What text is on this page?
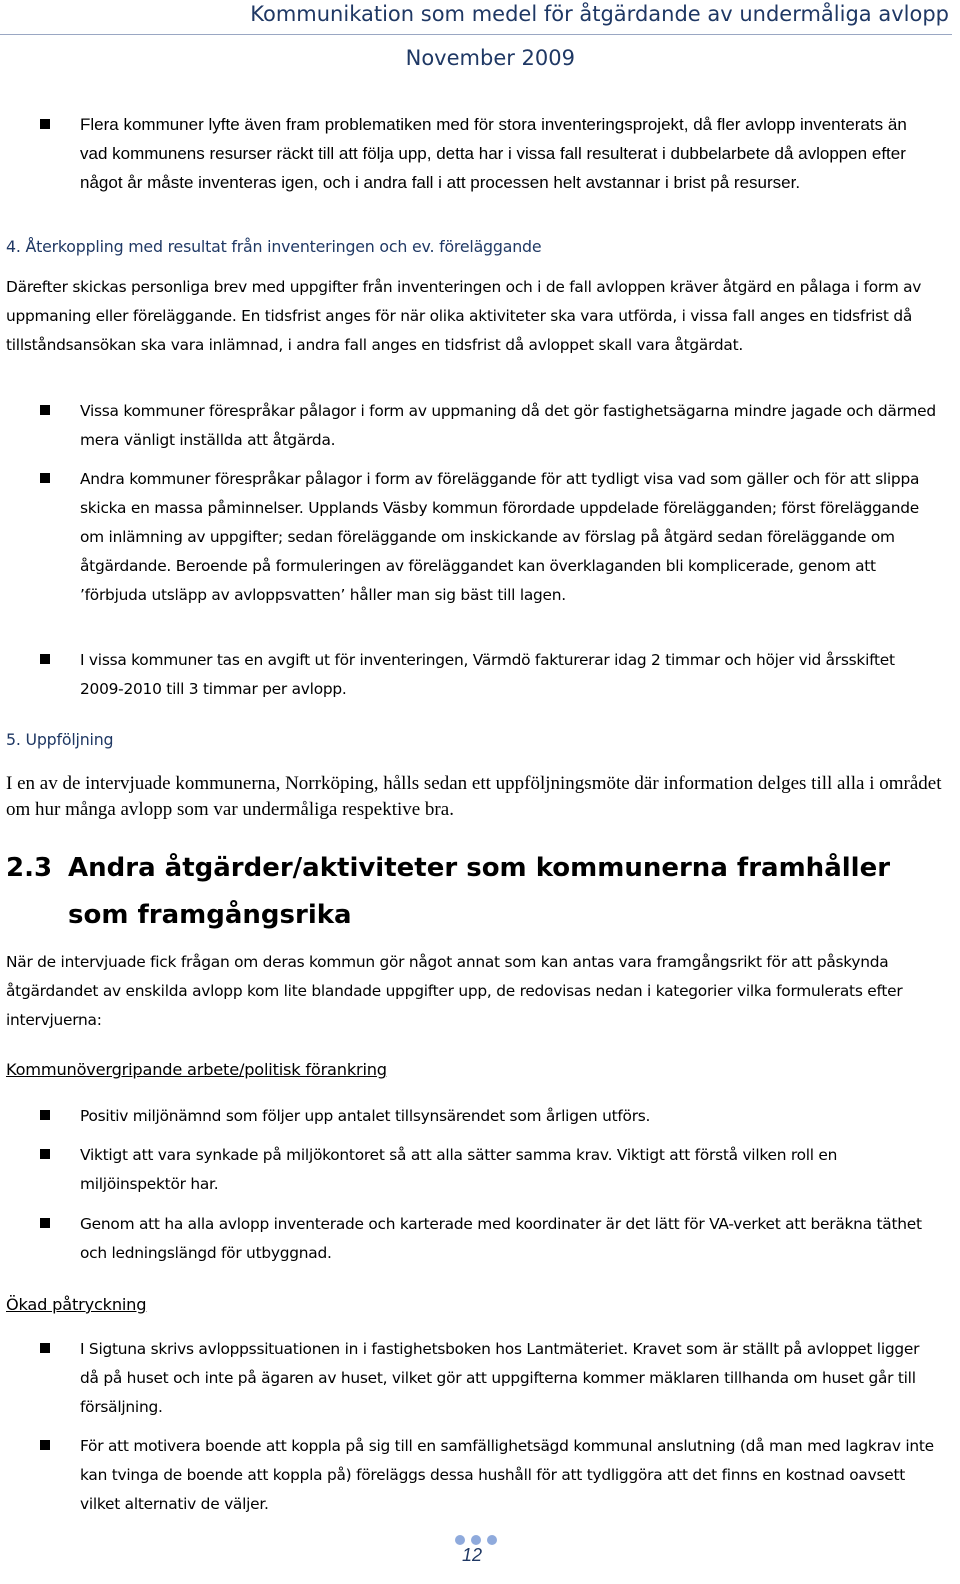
Kommunikation som medel för åtgärdande av undermåliga avlopp
November 2009

Flera kommuner lyfte även fram problematiken med för stora inventeringsprojekt, då fler avlopp inventerats än vad kommunens resurser räckt till att följa upp, detta har i vissa fall resulterat i dubbelarbete då avloppen efter något år måste inventeras igen, och i andra fall i att processen helt avstannar i brist på resurser.

4. Återkoppling med resultat från inventeringen och ev. föreläggande

Därefter skickas personliga brev med uppgifter från inventeringen och i de fall avloppen kräver åtgärd en pålaga i form av uppmaning eller föreläggande. En tidsfrist anges för när olika aktiviteter ska vara utförda, i vissa fall anges en tidsfrist då tillståndsansökan ska vara inlämnad, i andra fall anges en tidsfrist då avloppet skall vara åtgärdat.

Vissa kommuner förespråkar pålagor i form av uppmaning då det gör fastighetsägarna mindre jagade och därmed mera vänligt inställda att åtgärda.

Andra kommuner förespråkar pålagor i form av föreläggande för att tydligt visa vad som gäller och för att slippa skicka en massa påminnelser. Upplands Väsby kommun förordade uppdelade förelägganden; först föreläggande om inlämning av uppgifter; sedan föreläggande om inskickande av förslag på åtgärd sedan föreläggande om åtgärdande. Beroende på formuleringen av föreläggandet kan överklaganden bli komplicerade, genom att ’förbjuda utsläpp av avloppsvatten’ håller man sig bäst till lagen.

I vissa kommuner tas en avgift ut för inventeringen, Värmdö fakturerar idag 2 timmar och höjer vid årsskiftet 2009-2010 till 3 timmar per avlopp.

5. Uppföljning

I en av de intervjuade kommunerna, Norrköping, hålls sedan ett uppföljningsmöte där information delges till alla i området om hur många avlopp som var undermåliga respektive bra.

2.3 Andra åtgärder/aktiviteter som kommunerna framhåller som framgångsrika

När de intervjuade fick frågan om deras kommun gör något annat som kan antas vara framgångsrikt för att påskynda åtgärdandet av enskilda avlopp kom lite blandade uppgifter upp, de redovisas nedan i kategorier vilka formulerats efter intervjuerna:

Kommunövergripande arbete/politisk förankring

Positiv miljönämnd som följer upp antalet tillsynsärendet som årligen utförs.

Viktigt att vara synkade på miljökontoret så att alla sätter samma krav. Viktigt att förstå vilken roll en miljöinspektör har.

Genom att ha alla avlopp inventerade och karterade med koordinater är det lätt för VA-verket att beräkna täthet och ledningslängd för utbyggnad.

Ökad påtryckning

I Sigtuna skrivs avloppssituationen in i fastighetsboken hos Lantmäteriet. Kravet som är ställt på avloppet ligger då på huset och inte på ägaren av huset, vilket gör att uppgifterna kommer mäklaren tillhanda om huset går till försäljning.

För att motivera boende att koppla på sig till en samfällighetsägd kommunal anslutning (då man med lagkrav inte kan tvinga de boende att koppla på) föreläggs dessa hushåll för att tydliggöra att det finns en kostnad oavsett vilket alternativ de väljer.

12
